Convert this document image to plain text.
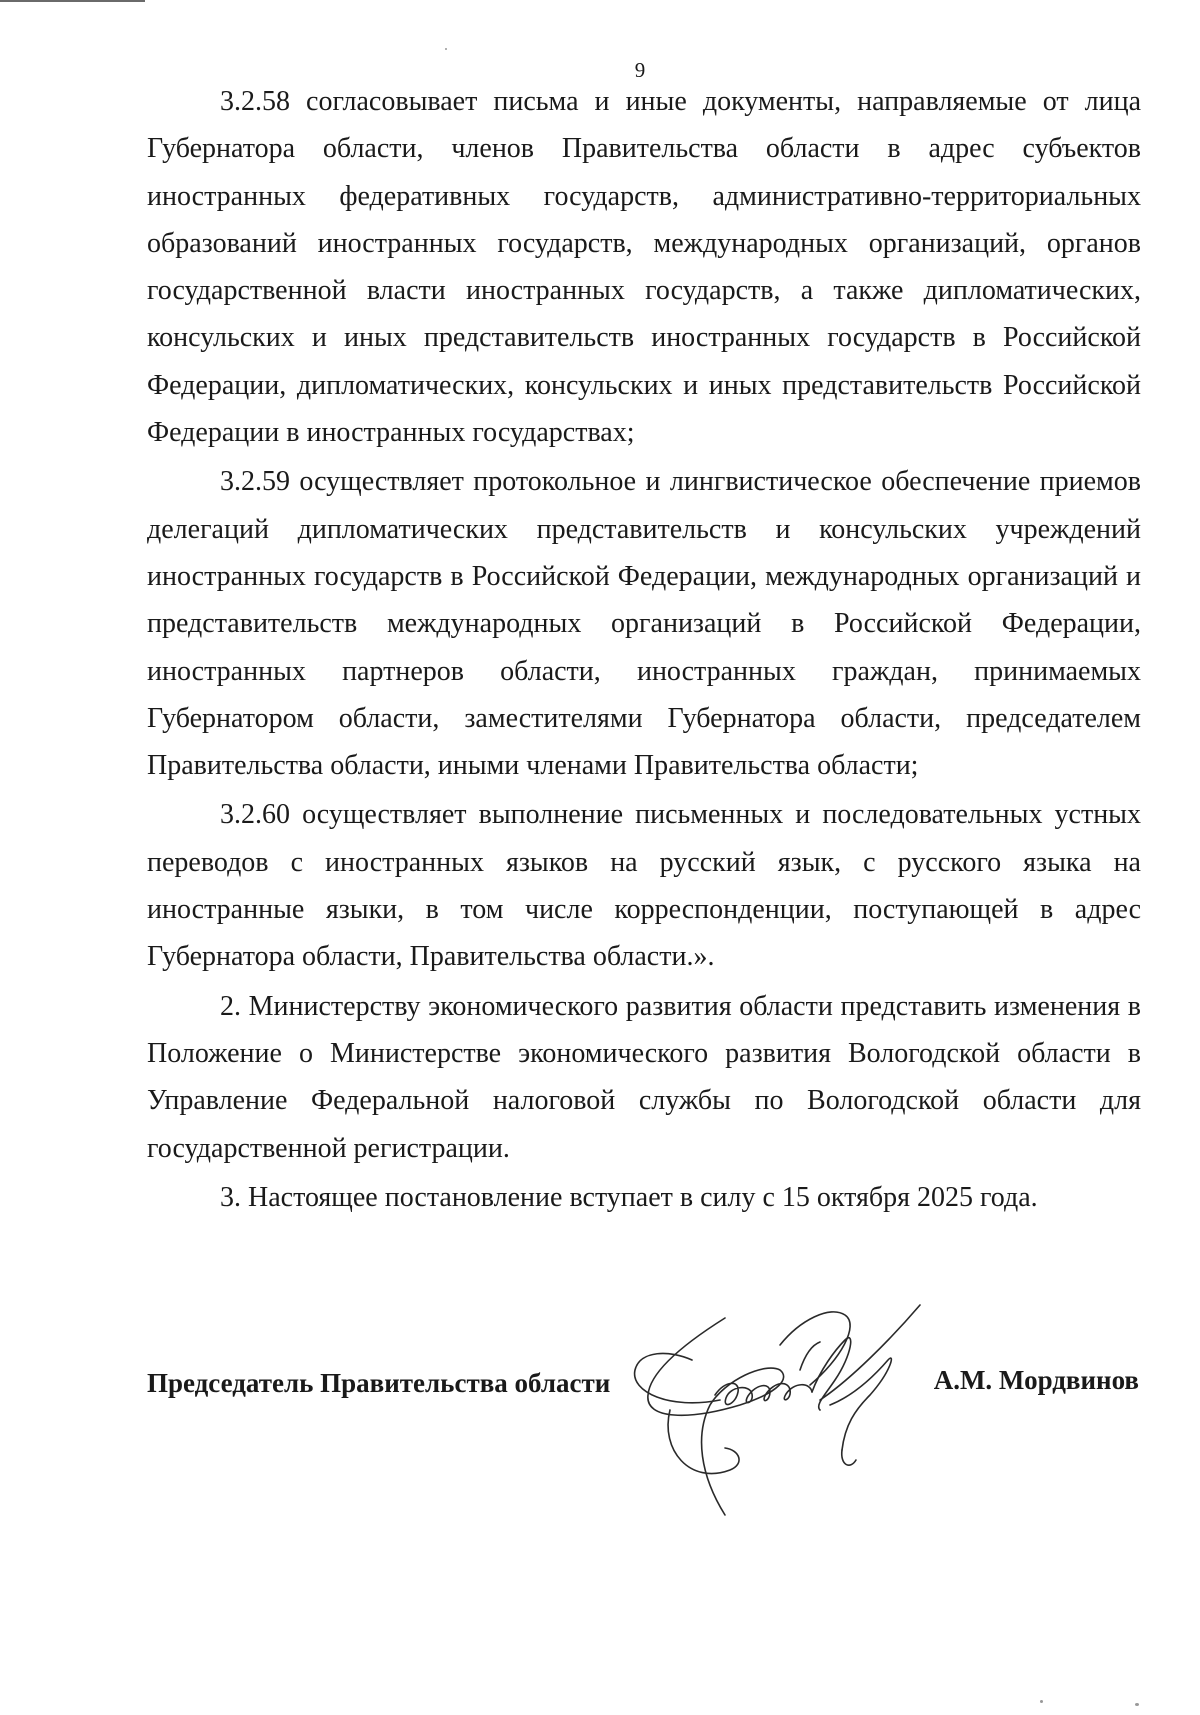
9

3.2.58 согласовывает письма и иные документы, направляемые от лица Губернатора области, членов Правительства области в адрес субъектов иностранных федеративных государств, административно-территориальных образований иностранных государств, международных организаций, органов государственной власти иностранных государств, а также дипломатических, консульских и иных представительств иностранных государств в Российской Федерации, дипломатических, консульских и иных представительств Российской Федерации в иностранных государствах;

3.2.59 осуществляет протокольное и лингвистическое обеспечение приемов делегаций дипломатических представительств и консульских учреждений иностранных государств в Российской Федерации, международных организаций и представительств международных организаций в Российской Федерации, иностранных партнеров области, иностранных граждан, принимаемых Губернатором области, заместителями Губернатора области, председателем Правительства области, иными членами Правительства области;

3.2.60 осуществляет выполнение письменных и последовательных устных переводов с иностранных языков на русский язык, с русского языка на иностранные языки, в том числе корреспонденции, поступающей в адрес Губернатора области, Правительства области.».

2. Министерству экономического развития области представить изменения в Положение о Министерстве экономического развития Вологодской области в Управление Федеральной налоговой службы по Вологодской области для государственной регистрации.

3. Настоящее постановление вступает в силу с 15 октября 2025 года.

Председатель Правительства области	А.М. Мордвинов
